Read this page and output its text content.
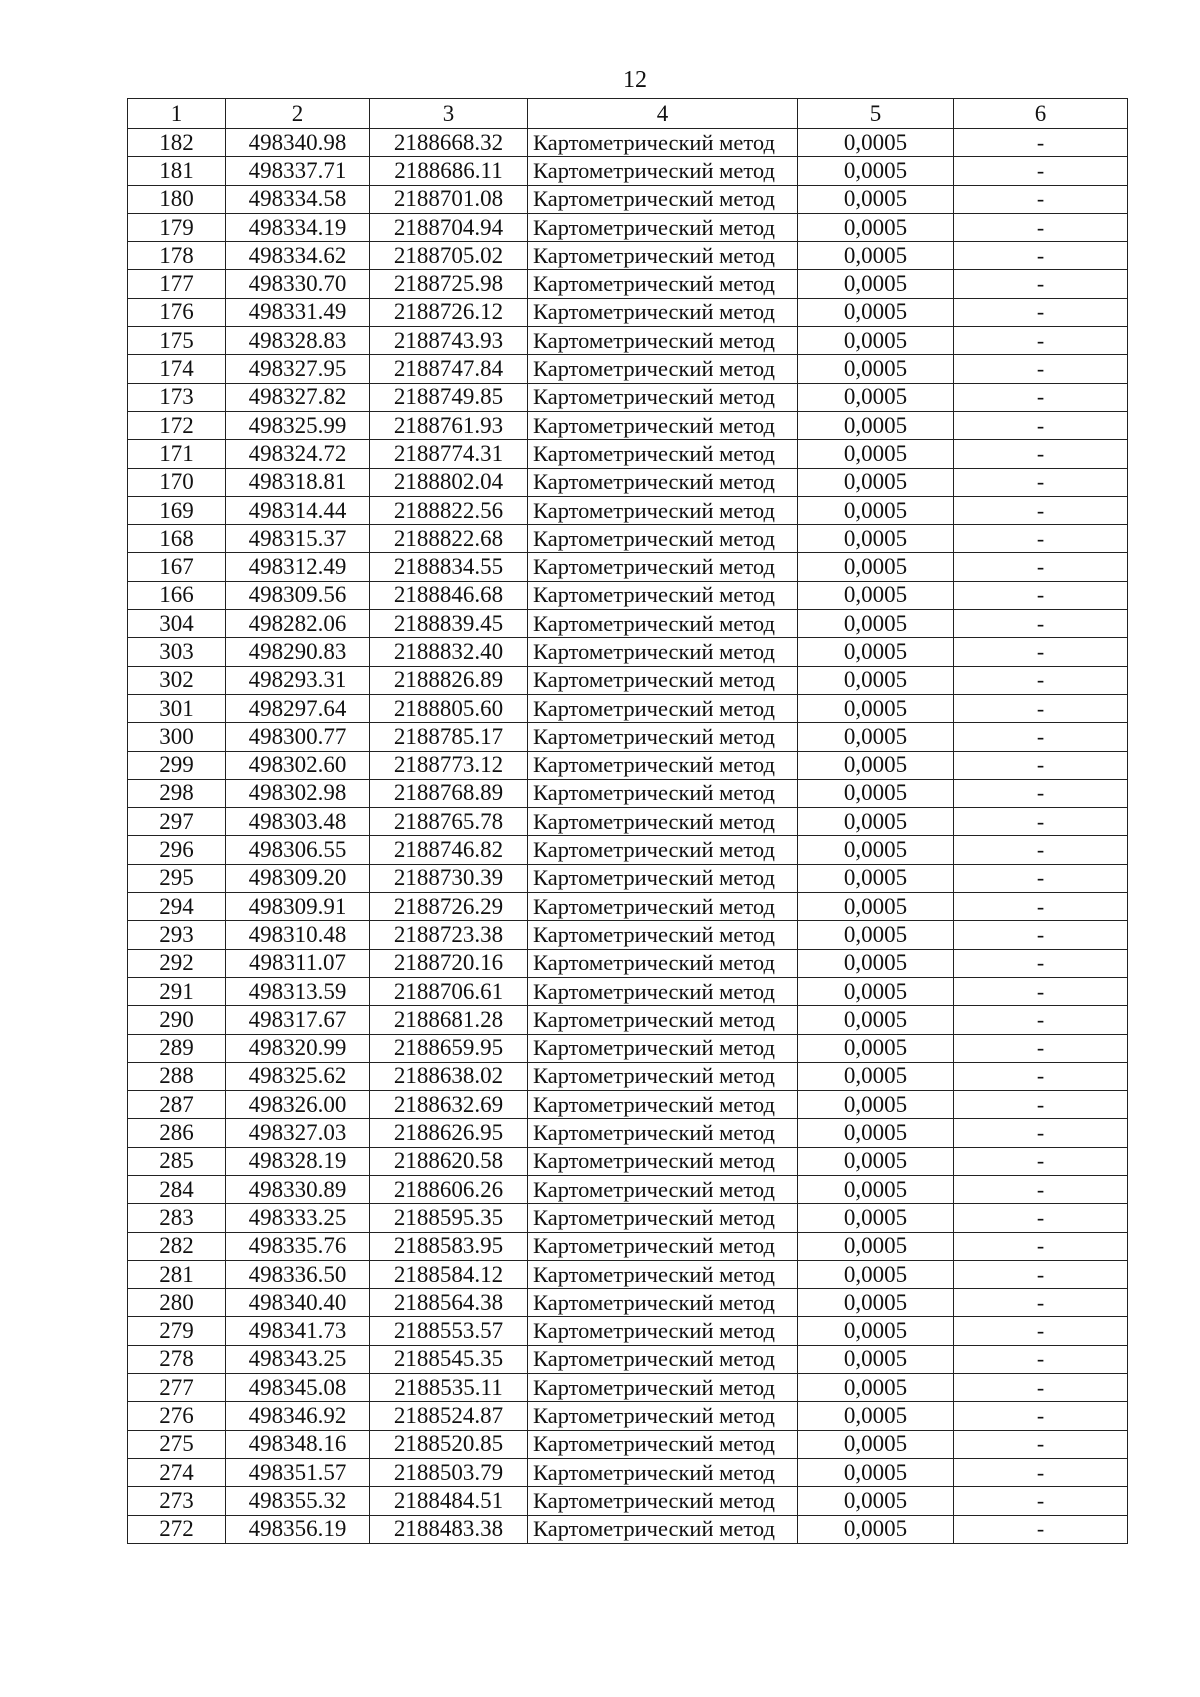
12
1	2	3	4	5	6
182	498340.98	2188668.32	Картометрический метод	0,0005	-
181	498337.71	2188686.11	Картометрический метод	0,0005	-
180	498334.58	2188701.08	Картометрический метод	0,0005	-
179	498334.19	2188704.94	Картометрический метод	0,0005	-
178	498334.62	2188705.02	Картометрический метод	0,0005	-
177	498330.70	2188725.98	Картометрический метод	0,0005	-
176	498331.49	2188726.12	Картометрический метод	0,0005	-
175	498328.83	2188743.93	Картометрический метод	0,0005	-
174	498327.95	2188747.84	Картометрический метод	0,0005	-
173	498327.82	2188749.85	Картометрический метод	0,0005	-
172	498325.99	2188761.93	Картометрический метод	0,0005	-
171	498324.72	2188774.31	Картометрический метод	0,0005	-
170	498318.81	2188802.04	Картометрический метод	0,0005	-
169	498314.44	2188822.56	Картометрический метод	0,0005	-
168	498315.37	2188822.68	Картометрический метод	0,0005	-
167	498312.49	2188834.55	Картометрический метод	0,0005	-
166	498309.56	2188846.68	Картометрический метод	0,0005	-
304	498282.06	2188839.45	Картометрический метод	0,0005	-
303	498290.83	2188832.40	Картометрический метод	0,0005	-
302	498293.31	2188826.89	Картометрический метод	0,0005	-
301	498297.64	2188805.60	Картометрический метод	0,0005	-
300	498300.77	2188785.17	Картометрический метод	0,0005	-
299	498302.60	2188773.12	Картометрический метод	0,0005	-
298	498302.98	2188768.89	Картометрический метод	0,0005	-
297	498303.48	2188765.78	Картометрический метод	0,0005	-
296	498306.55	2188746.82	Картометрический метод	0,0005	-
295	498309.20	2188730.39	Картометрический метод	0,0005	-
294	498309.91	2188726.29	Картометрический метод	0,0005	-
293	498310.48	2188723.38	Картометрический метод	0,0005	-
292	498311.07	2188720.16	Картометрический метод	0,0005	-
291	498313.59	2188706.61	Картометрический метод	0,0005	-
290	498317.67	2188681.28	Картометрический метод	0,0005	-
289	498320.99	2188659.95	Картометрический метод	0,0005	-
288	498325.62	2188638.02	Картометрический метод	0,0005	-
287	498326.00	2188632.69	Картометрический метод	0,0005	-
286	498327.03	2188626.95	Картометрический метод	0,0005	-
285	498328.19	2188620.58	Картометрический метод	0,0005	-
284	498330.89	2188606.26	Картометрический метод	0,0005	-
283	498333.25	2188595.35	Картометрический метод	0,0005	-
282	498335.76	2188583.95	Картометрический метод	0,0005	-
281	498336.50	2188584.12	Картометрический метод	0,0005	-
280	498340.40	2188564.38	Картометрический метод	0,0005	-
279	498341.73	2188553.57	Картометрический метод	0,0005	-
278	498343.25	2188545.35	Картометрический метод	0,0005	-
277	498345.08	2188535.11	Картометрический метод	0,0005	-
276	498346.92	2188524.87	Картометрический метод	0,0005	-
275	498348.16	2188520.85	Картометрический метод	0,0005	-
274	498351.57	2188503.79	Картометрический метод	0,0005	-
273	498355.32	2188484.51	Картометрический метод	0,0005	-
272	498356.19	2188483.38	Картометрический метод	0,0005	-
